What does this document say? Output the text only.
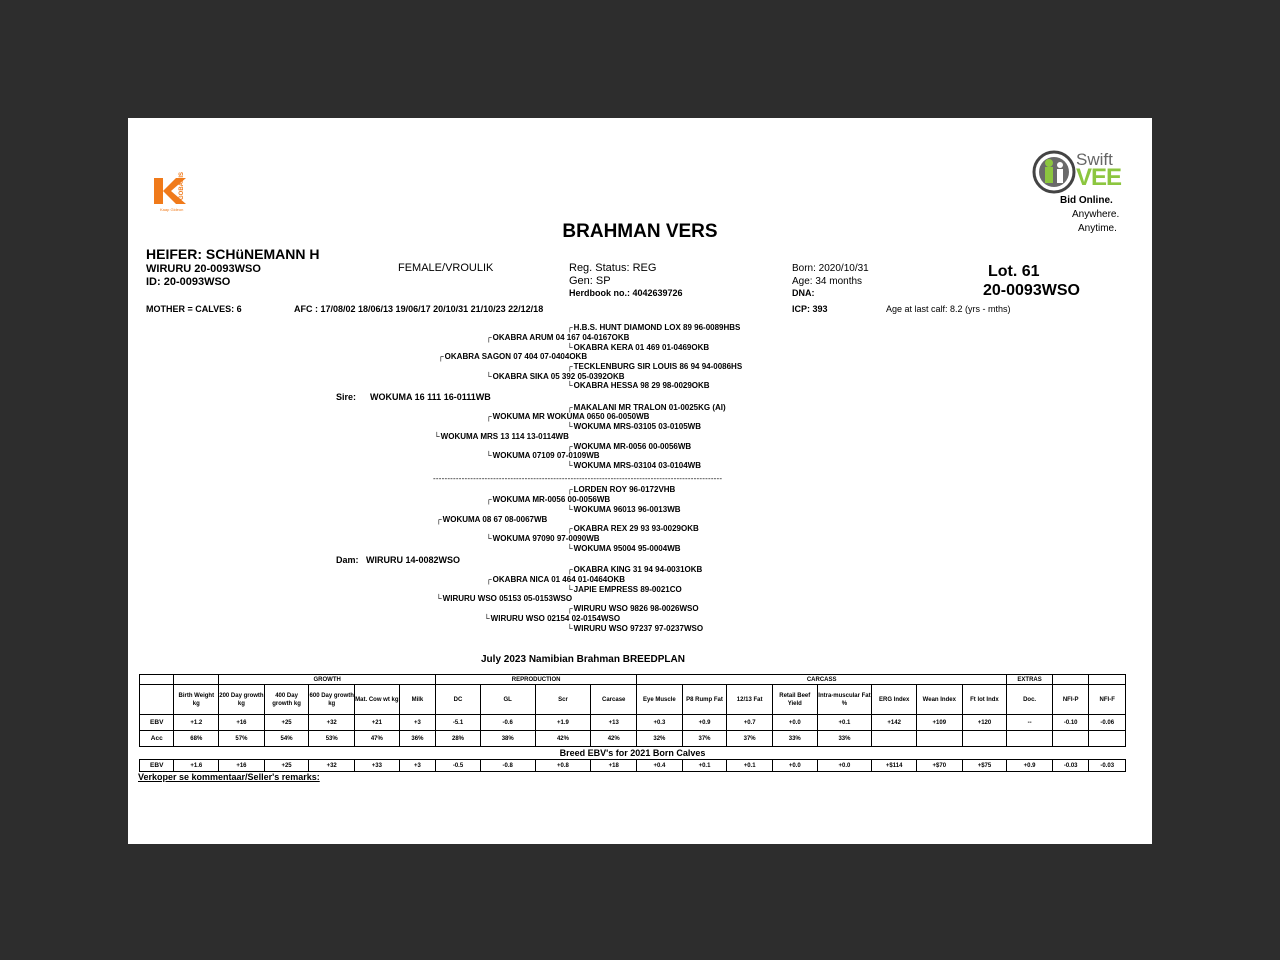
Kaap Gideon
GOBABIS
Swift
VEE
Bid Online.
Anywhere.
Anytime.
BRAHMAN VERS
HEIFER: SCHüNEMANN H
WIRURU 20-0093WSO
ID: 20-0093WSO
FEMALE/VROULIK	Reg. Status: REG
Gen: SP
Herdbook no.: 4042639726
Born: 2020/10/31
Age: 34 months
DNA:
Lot. 61
20-0093WSO
MOTHER = CALVES: 6	AFC : 17/08/02 18/06/13 19/06/17 20/10/31 21/10/23 22/12/18	ICP: 393	Age at last calf: 8.2 (yrs - mths)
Sire: WOKUMA 16 111 16-0111WB
┌H.B.S. HUNT DIAMOND LOX 89 96-0089HBS
┌OKABRA ARUM 04 167 04-0167OKB
└OKABRA KERA 01 469 01-0469OKB
┌OKABRA SAGON 07 404 07-0404OKB
┌TECKLENBURG SIR LOUIS 86 94 94-0086HS
└OKABRA SIKA 05 392 05-0392OKB
└OKABRA HESSA 98 29 98-0029OKB
┌MAKALANI MR TRALON 01-0025KG (AI)
┌WOKUMA MR WOKUMA 0650 06-0050WB
└WOKUMA MRS-03105 03-0105WB
└WOKUMA MRS 13 114 13-0114WB
┌WOKUMA MR-0056 00-0056WB
└WOKUMA 07109 07-0109WB
└WOKUMA MRS-03104 03-0104WB
-----------------------------------------------------------------------------------------------------
Dam: WIRURU 14-0082WSO
┌LORDEN ROY 96-0172VHB
┌WOKUMA MR-0056 00-0056WB
└WOKUMA 96013 96-0013WB
┌WOKUMA 08 67 08-0067WB
┌OKABRA REX 29 93 93-0029OKB
└WOKUMA 97090 97-0090WB
└WOKUMA 95004 95-0004WB
┌OKABRA KING 31 94 94-0031OKB
┌OKABRA NICA 01 464 01-0464OKB
└JAPIE EMPRESS 89-0021CO
└WIRURU WSO 05153 05-0153WSO
┌WIRURU WSO 9826 98-0026WSO
└WIRURU WSO 02154 02-0154WSO
└WIRURU WSO 97237 97-0237WSO
July 2023 Namibian Brahman BREEDPLAN
		GROWTH					REPRODUCTION				CARCASS								EXTRAS		
	Birth Weight kg	200 Day growth kg	400 Day growth kg	600 Day growth kg	Mat. Cow wt kg	Milk	DC	GL	Scr	Carcase	Eye Muscle	P8 Rump Fat	12/13 Fat	Retail Beef Yield	Intra-muscular Fat %	ERG Index	Wean Index	Ft lot Indx	Doc.	NFI-P	NFI-F
EBV	+1.2	+16	+25	+32	+21	+3	-5.1	-0.6	+1.9	+13	+0.3	+0.9	+0.7	+0.0	+0.1	+142	+109	+120	--	-0.10	-0.06
Acc	68%	57%	54%	53%	47%	36%	28%	38%	42%	42%	32%	37%	37%	33%	33%						
Breed EBV's for 2021 Born Calves																					
EBV	+1.6	+16	+25	+32	+33	+3	-0.5	-0.8	+0.8	+18	+0.4	+0.1	+0.1	+0.0	+0.0	+$114	+$70	+$75	+0.9	-0.03	-0.03
Verkoper se kommentaar/Seller's remarks:
